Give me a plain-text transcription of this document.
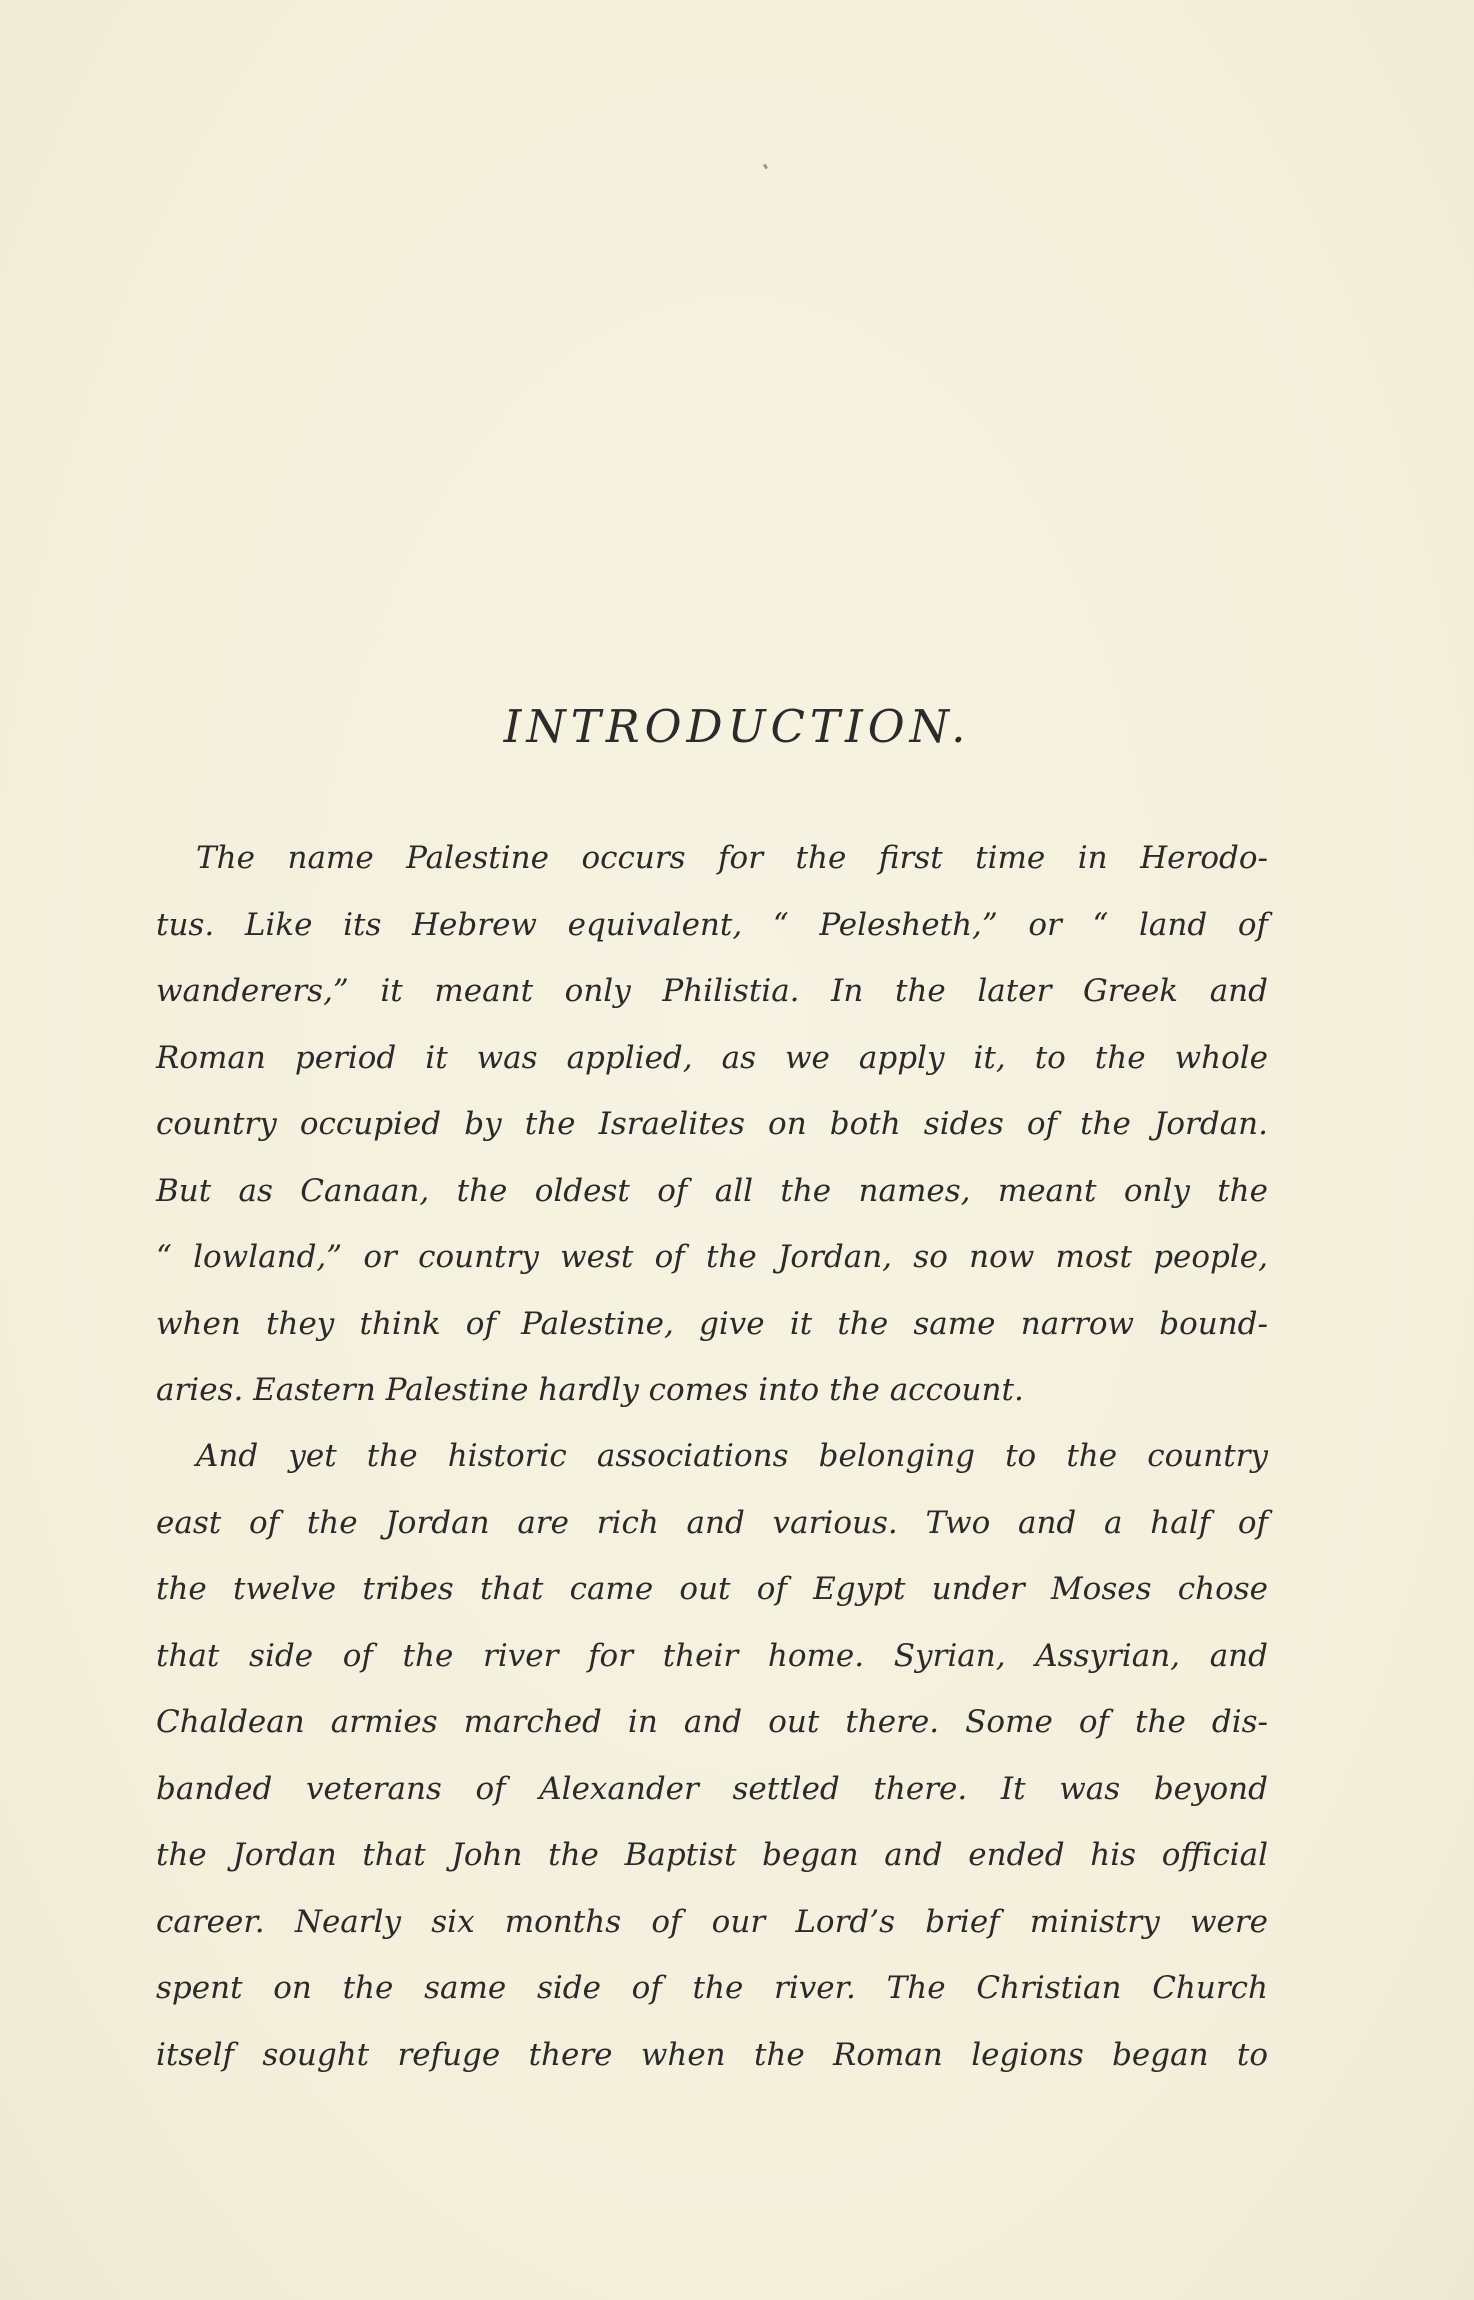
INTRODUCTION.
The name Palestine occurs for the first time in Herodo-
tus. Like its Hebrew equivalent, “ Pelesheth,” or “ land of
wanderers,” it meant only Philistia. In the later Greek and
Roman period it was applied, as we apply it, to the whole
country occupied by the Israelites on both sides of the Jordan.
But as Canaan, the oldest of all the names, meant only the
“ lowland,” or country west of the Jordan, so now most people,
when they think of Palestine, give it the same narrow bound-
aries. Eastern Palestine hardly comes into the account.
And yet the historic associations belonging to the country
east of the Jordan are rich and various. Two and a half of
the twelve tribes that came out of Egypt under Moses chose
that side of the river for their home. Syrian, Assyrian, and
Chaldean armies marched in and out there. Some of the dis-
banded veterans of Alexander settled there. It was beyond
the Jordan that John the Baptist began and ended his official
career. Nearly six months of our Lord’s brief ministry were
spent on the same side of the river. The Christian Church
itself sought refuge there when the Roman legions began to
